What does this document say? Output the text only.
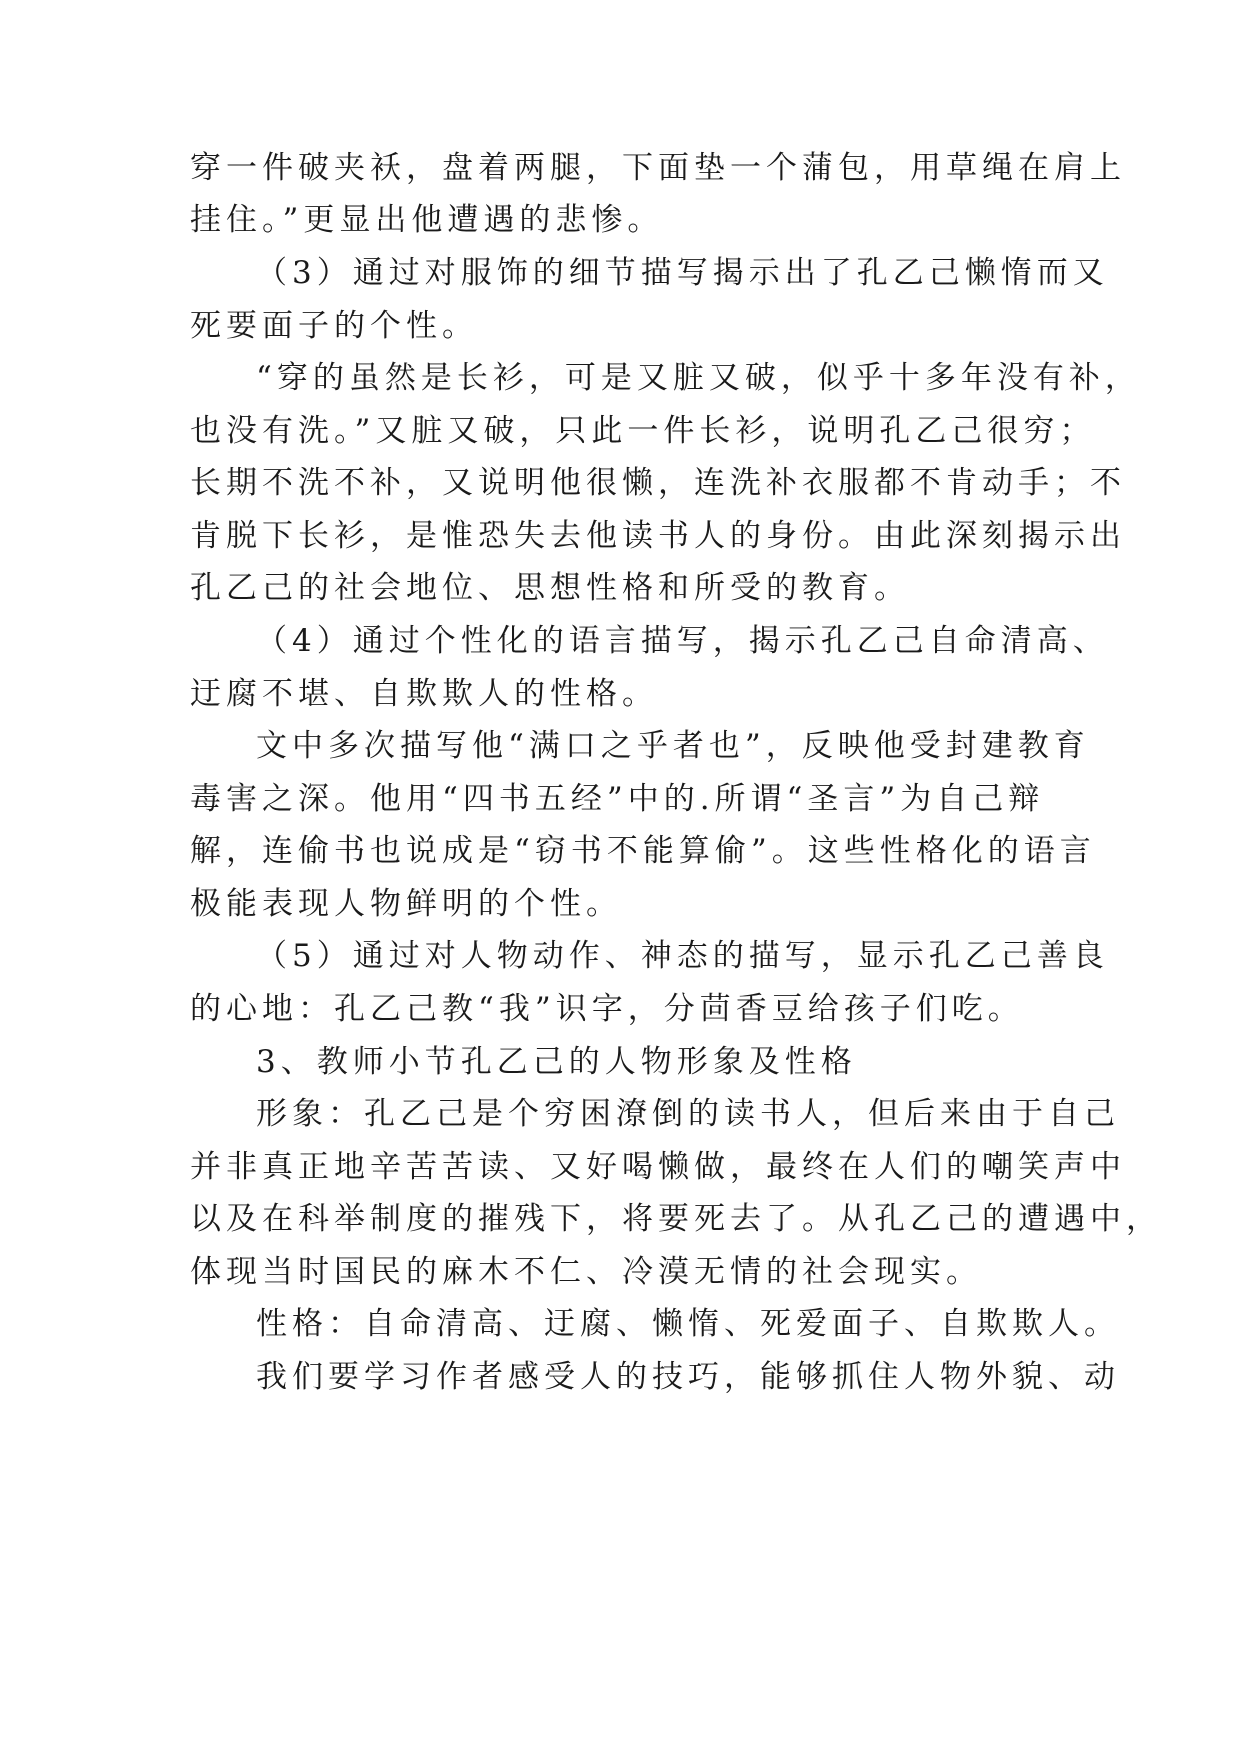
穿一件破夹袄，盘着两腿，下面垫一个蒲包，用草绳在肩上
挂住。”更显出他遭遇的悲惨。
（3）通过对服饰的细节描写揭示出了孔乙己懒惰而又
死要面子的个性。
“穿的虽然是长衫，可是又脏又破，似乎十多年没有补，
也没有洗。”又脏又破，只此一件长衫，说明孔乙己很穷；
长期不洗不补，又说明他很懒，连洗补衣服都不肯动手；不
肯脱下长衫，是惟恐失去他读书人的身份。由此深刻揭示出
孔乙己的社会地位、思想性格和所受的教育。
（4）通过个性化的语言描写，揭示孔乙己自命清高、
迂腐不堪、自欺欺人的性格。
文中多次描写他“满口之乎者也”，反映他受封建教育
毒害之深。他用“四书五经”中的.所谓“圣言”为自己辩
解，连偷书也说成是“窃书不能算偷”。这些性格化的语言
极能表现人物鲜明的个性。
（5）通过对人物动作、神态的描写，显示孔乙己善良
的心地：孔乙己教“我”识字，分茴香豆给孩子们吃。
3、教师小节孔乙己的人物形象及性格
形象：孔乙己是个穷困潦倒的读书人，但后来由于自己
并非真正地辛苦苦读、又好喝懒做，最终在人们的嘲笑声中
以及在科举制度的摧残下，将要死去了。从孔乙己的遭遇中，
体现当时国民的麻木不仁、冷漠无情的社会现实。
性格：自命清高、迂腐、懒惰、死爱面子、自欺欺人。
我们要学习作者感受人的技巧，能够抓住人物外貌、动
